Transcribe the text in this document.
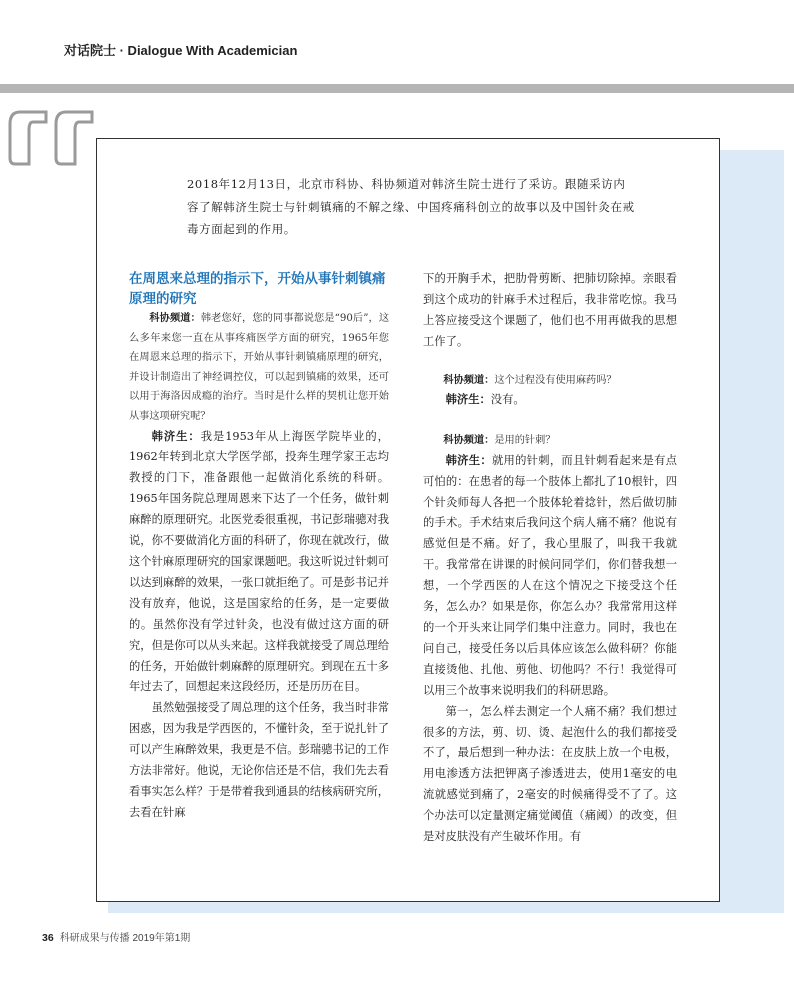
对话院士 · Dialogue With Academician

2018年12月13日，北京市科协、科协频道对韩济生院士进行了采访。跟随采访内容了解韩济生院士与针刺镇痛的不解之缘、中国疼痛科创立的故事以及中国针灸在戒毒方面起到的作用。

在周恩来总理的指示下，开始从事针刺镇痛原理的研究

科协频道：韩老您好，您的同事都说您是“90后”，这么多年来您一直在从事疼痛医学方面的研究，1965年您在周恩来总理的指示下，开始从事针刺镇痛原理的研究，并设计制造出了神经调控仪，可以起到镇痛的效果，还可以用于海洛因成瘾的治疗。当时是什么样的契机让您开始从事这项研究呢？

韩济生：我是1953年从上海医学院毕业的，1962年转到北京大学医学部，投奔生理学家王志均教授的门下，准备跟他一起做消化系统的科研。1965年国务院总理周恩来下达了一个任务，做针刺麻醉的原理研究。北医党委很重视，书记彭瑞骢对我说，你不要做消化方面的科研了，你现在就改行，做这个针麻原理研究的国家课题吧。我这听说过针刺可以达到麻醉的效果，一张口就拒绝了。可是彭书记并没有放弃，他说，这是国家给的任务，是一定要做的。虽然你没有学过针灸，也没有做过这方面的研究，但是你可以从头来起。这样我就接受了周总理给的任务，开始做针刺麻醉的原理研究。到现在五十多年过去了，回想起来这段经历，还是历历在目。

虽然勉强接受了周总理的这个任务，我当时非常困惑，因为我是学西医的，不懂针灸，至于说扎针了可以产生麻醉效果，我更是不信。彭瑞骢书记的工作方法非常好。他说，无论你信还是不信，我们先去看看事实怎么样？于是带着我到通县的结核病研究所，去看在针麻

下的开胸手术，把肋骨剪断、把肺切除掉。亲眼看到这个成功的针麻手术过程后，我非常吃惊。我马上答应接受这个课题了，他们也不用再做我的思想工作了。

科协频道：这个过程没有使用麻药吗？

韩济生：没有。

科协频道：是用的针刺？

韩济生：就用的针刺，而且针刺看起来是有点可怕的：在患者的每一个肢体上都扎了10根针，四个针灸师每人各把一个肢体轮着捻针，然后做切肺的手术。手术结束后我问这个病人痛不痛？他说有感觉但是不痛。好了，我心里服了，叫我干我就干。我常常在讲课的时候问同学们，你们替我想一想，一个学西医的人在这个情况之下接受这个任务，怎么办？如果是你，你怎么办？我常常用这样的一个开头来让同学们集中注意力。同时，我也在问自己，接受任务以后具体应该怎么做科研？你能直接烫他、扎他、剪他、切他吗？不行！我觉得可以用三个故事来说明我们的科研思路。

第一，怎么样去测定一个人痛不痛？我们想过很多的方法，剪、切、烫、起泡什么的我们都接受不了，最后想到一种办法：在皮肤上放一个电极，用电渗透方法把钾离子渗透进去，使用1毫安的电流就感觉到痛了，2毫安的时候痛得受不了了。这个办法可以定量测定痛觉阈值（痛阈）的改变，但是对皮肤没有产生破坏作用。有

36 科研成果与传播 2019年第1期
